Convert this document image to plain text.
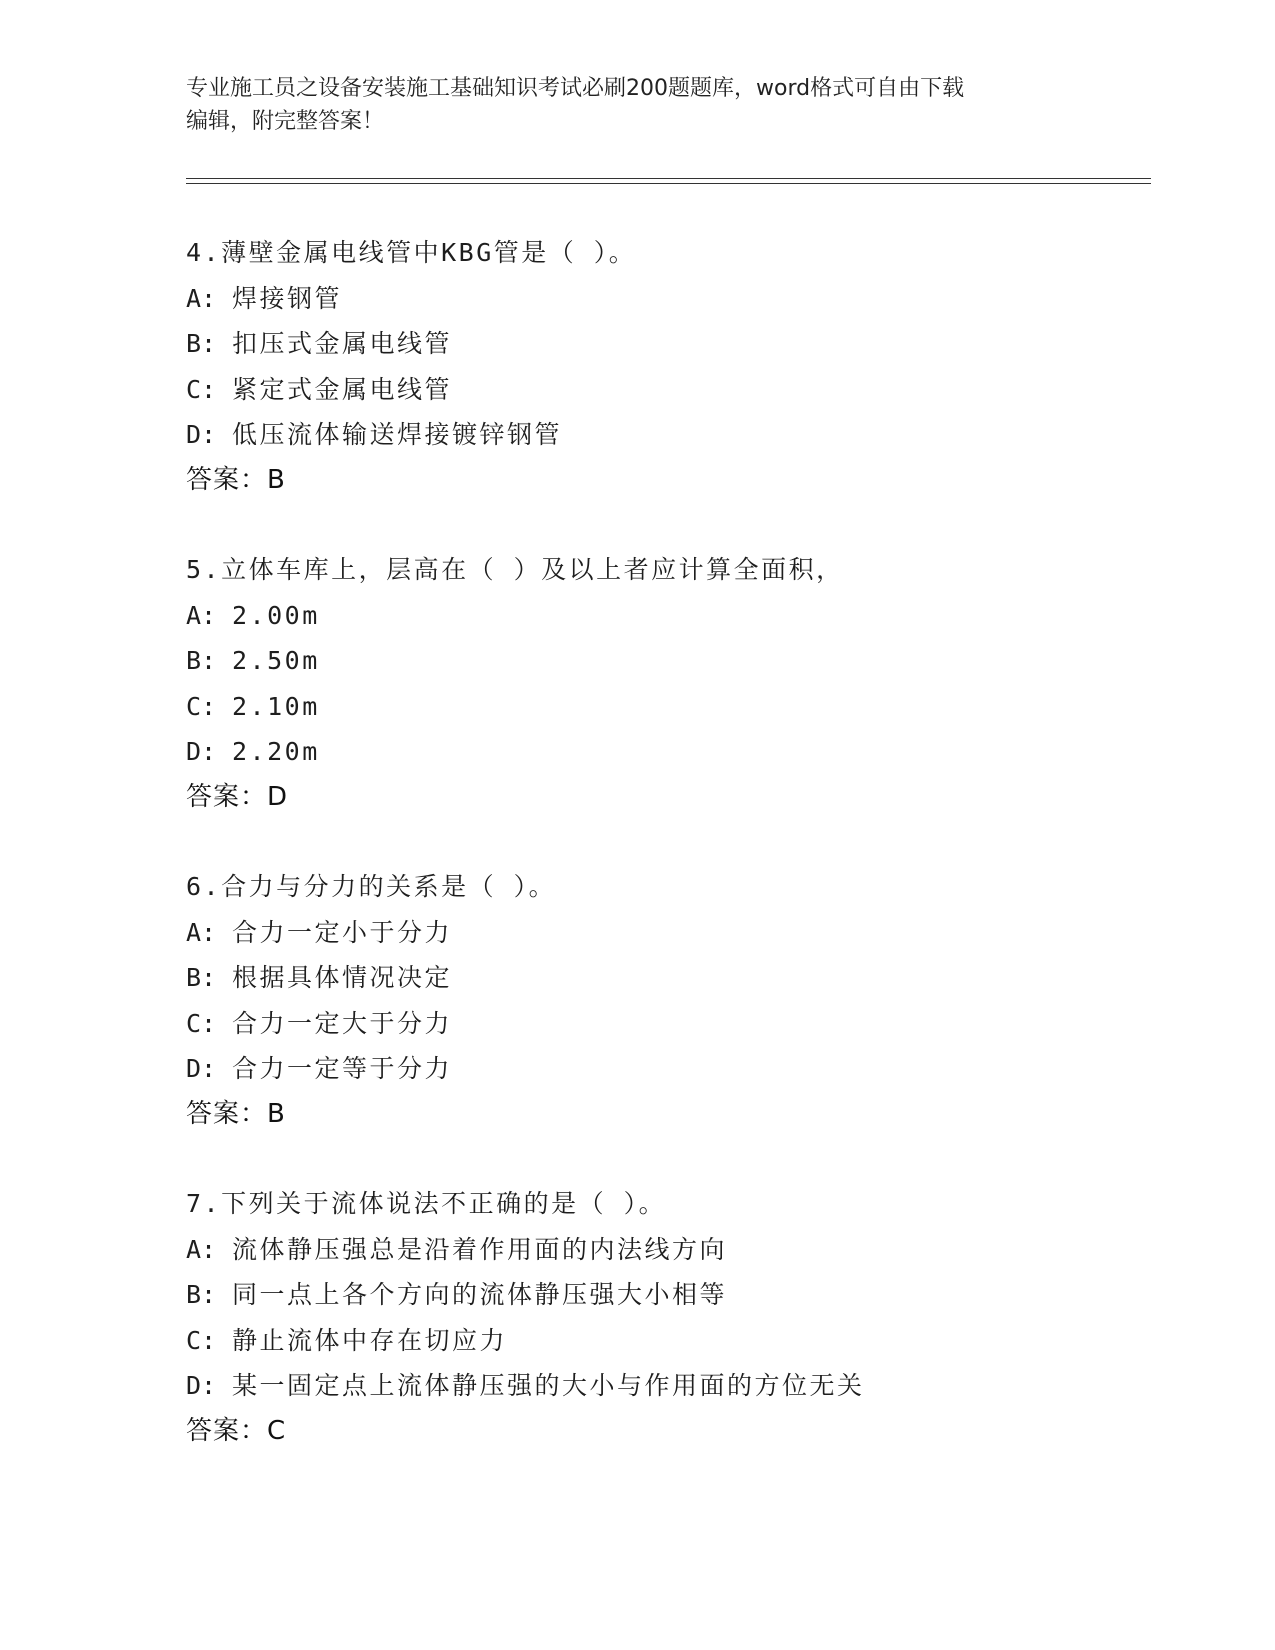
专业施工员之设备安装施工基础知识考试必刷200题题库，word格式可自由下载
编辑，附完整答案！
4.薄壁金属电线管中KBG管是（ ）。
A: 焊接钢管
B: 扣压式金属电线管
C: 紧定式金属电线管
D: 低压流体输送焊接镀锌钢管
答案：B
5.立体车库上，层高在（ ）及以上者应计算全面积，
A: 2.00m
B: 2.50m
C: 2.10m
D: 2.20m
答案：D
6.合力与分力的关系是（ ）。
A: 合力一定小于分力
B: 根据具体情况决定
C: 合力一定大于分力
D: 合力一定等于分力
答案：B
7.下列关于流体说法不正确的是（ ）。
A: 流体静压强总是沿着作用面的内法线方向
B: 同一点上各个方向的流体静压强大小相等
C: 静止流体中存在切应力
D: 某一固定点上流体静压强的大小与作用面的方位无关
答案：C
